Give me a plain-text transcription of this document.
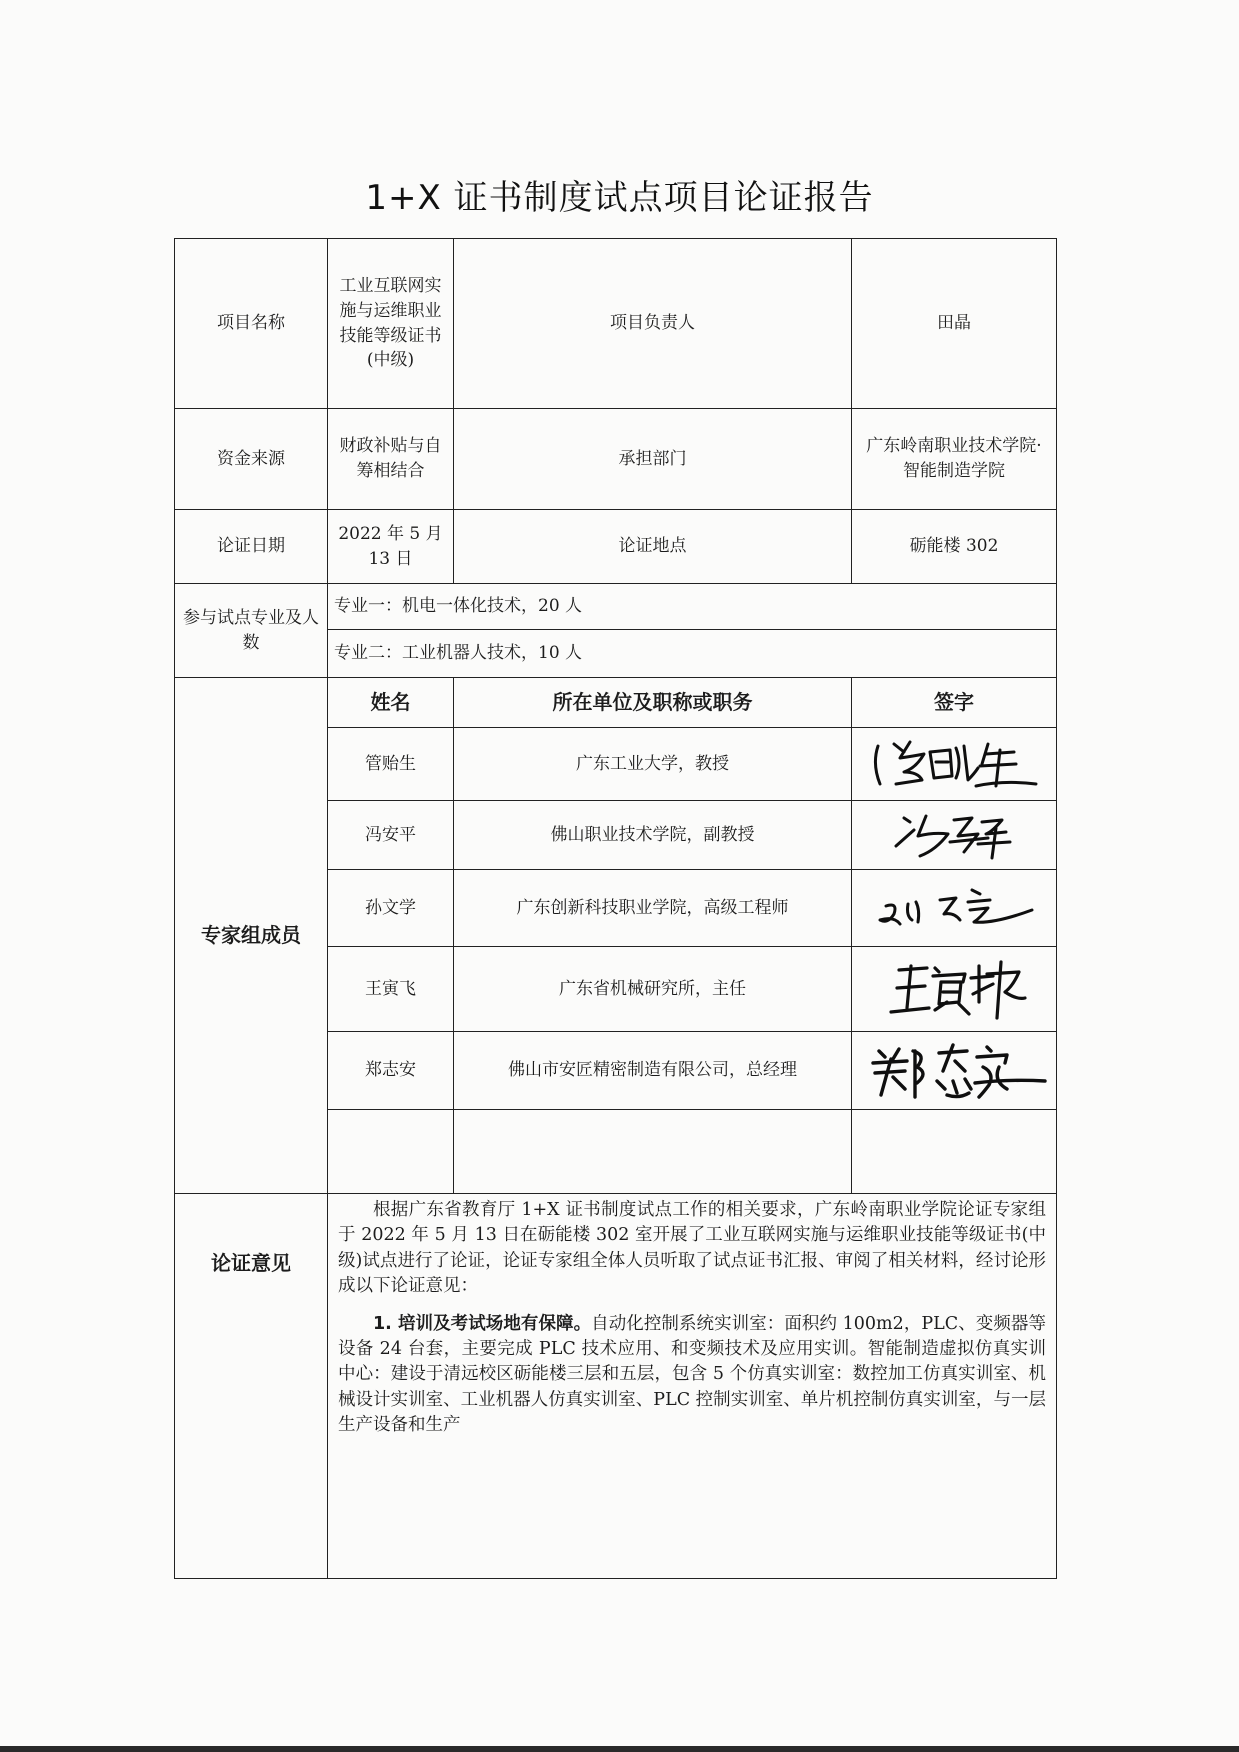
1+X 证书制度试点项目论证报告
项目名称	工业互联网实施与运维职业技能等级证书(中级)	项目负责人	田晶
资金来源	财政补贴与自筹相结合	承担部门	广东岭南职业技术学院·智能制造学院
论证日期	2022 年 5 月 13 日	论证地点	砺能楼 302
参与试点专业及人数	专业一：机电一体化技术，20 人		
	专业二：工业机器人技术，10 人		
专家组成员	姓名	所在单位及职称或职务	签字
	管贻生	广东工业大学，教授	

	冯安平	佛山职业技术学院，副教授	

	孙文学	广东创新科技职业学院，高级工程师	

	王寅飞	广东省机械研究所，主任	

	郑志安	佛山市安匠精密制造有限公司，总经理	

论证意见	根据广东省教育厅 1+X 证书制度试点工作的相关要求，广东岭南职业学院论证专家组于 2022 年 5 月 13 日在砺能楼 302 室开展了工业互联网实施与运维职业技能等级证书(中级)试点进行了论证，论证专家组全体人员听取了试点证书汇报、审阅了相关材料，经讨论形成以下论证意见：

1. 培训及考试场地有保障。自动化控制系统实训室：面积约 100m2，PLC、变频器等设备 24 台套，主要完成 PLC 技术应用、和变频技术及应用实训。智能制造虚拟仿真实训中心：建设于清远校区砺能楼三层和五层，包含 5 个仿真实训室：数控加工仿真实训室、机械设计实训室、工业机器人仿真实训室、PLC 控制实训室、单片机控制仿真实训室，与一层生产设备和生产		
